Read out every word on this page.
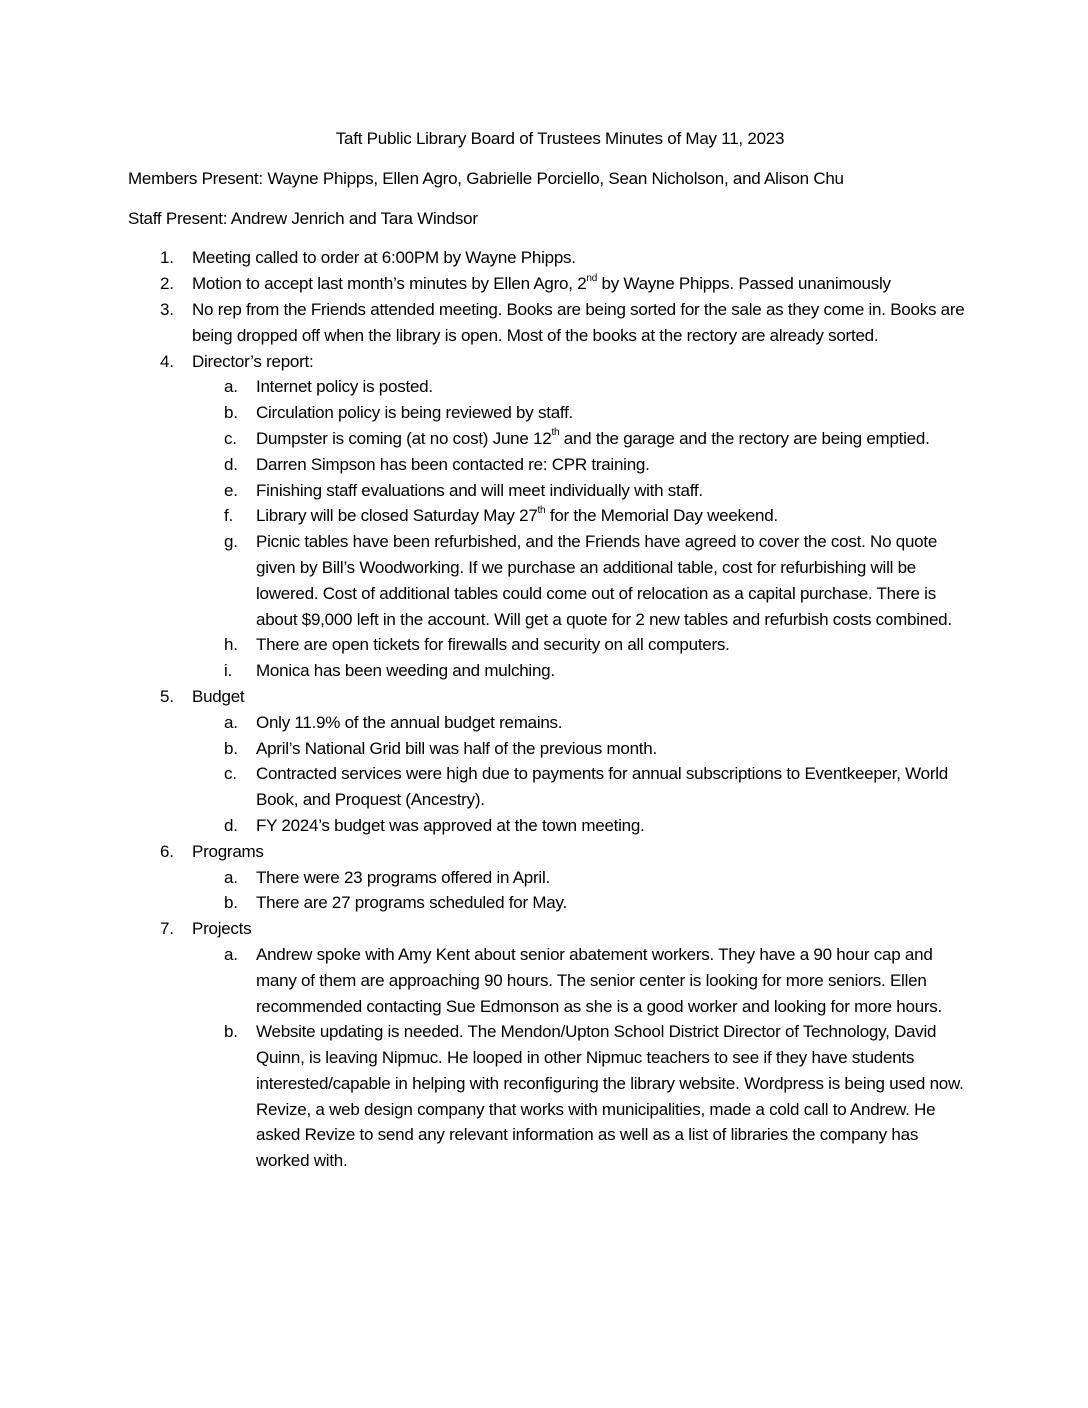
Taft Public Library Board of Trustees Minutes of May 11, 2023
Members Present: Wayne Phipps, Ellen Agro, Gabrielle Porciello, Sean Nicholson, and Alison Chu
Staff Present: Andrew Jenrich and Tara Windsor
1.	Meeting called to order at 6:00PM by Wayne Phipps.
2.	Motion to accept last month’s minutes by Ellen Agro, 2nd by Wayne Phipps. Passed unanimously
3.	No rep from the Friends attended meeting. Books are being sorted for the sale as they come in. Books are being dropped off when the library is open. Most of the books at the rectory are already sorted.
4.	Director’s report:
a. Internet policy is posted.
b. Circulation policy is being reviewed by staff.
c. Dumpster is coming (at no cost) June 12th and the garage and the rectory are being emptied.
d. Darren Simpson has been contacted re: CPR training.
e. Finishing staff evaluations and will meet individually with staff.
f. Library will be closed Saturday May 27th for the Memorial Day weekend.
g. Picnic tables have been refurbished, and the Friends have agreed to cover the cost. No quote given by Bill’s Woodworking. If we purchase an additional table, cost for refurbishing will be lowered. Cost of additional tables could come out of relocation as a capital purchase. There is about $9,000 left in the account. Will get a quote for 2 new tables and refurbish costs combined.
h. There are open tickets for firewalls and security on all computers.
i. Monica has been weeding and mulching.
5.	Budget
a. Only 11.9% of the annual budget remains.
b. April’s National Grid bill was half of the previous month.
c. Contracted services were high due to payments for annual subscriptions to Eventkeeper, World Book, and Proquest (Ancestry).
d. FY 2024’s budget was approved at the town meeting.
6.	Programs
a. There were 23 programs offered in April.
b. There are 27 programs scheduled for May.
7.	Projects
a. Andrew spoke with Amy Kent about senior abatement workers. They have a 90 hour cap and many of them are approaching 90 hours. The senior center is looking for more seniors. Ellen recommended contacting Sue Edmonson as she is a good worker and looking for more hours.
b. Website updating is needed. The Mendon/Upton School District Director of Technology, David Quinn, is leaving Nipmuc. He looped in other Nipmuc teachers to see if they have students interested/capable in helping with reconfiguring the library website. Wordpress is being used now. Revize, a web design company that works with municipalities, made a cold call to Andrew. He asked Revize to send any relevant information as well as a list of libraries the company has worked with.
